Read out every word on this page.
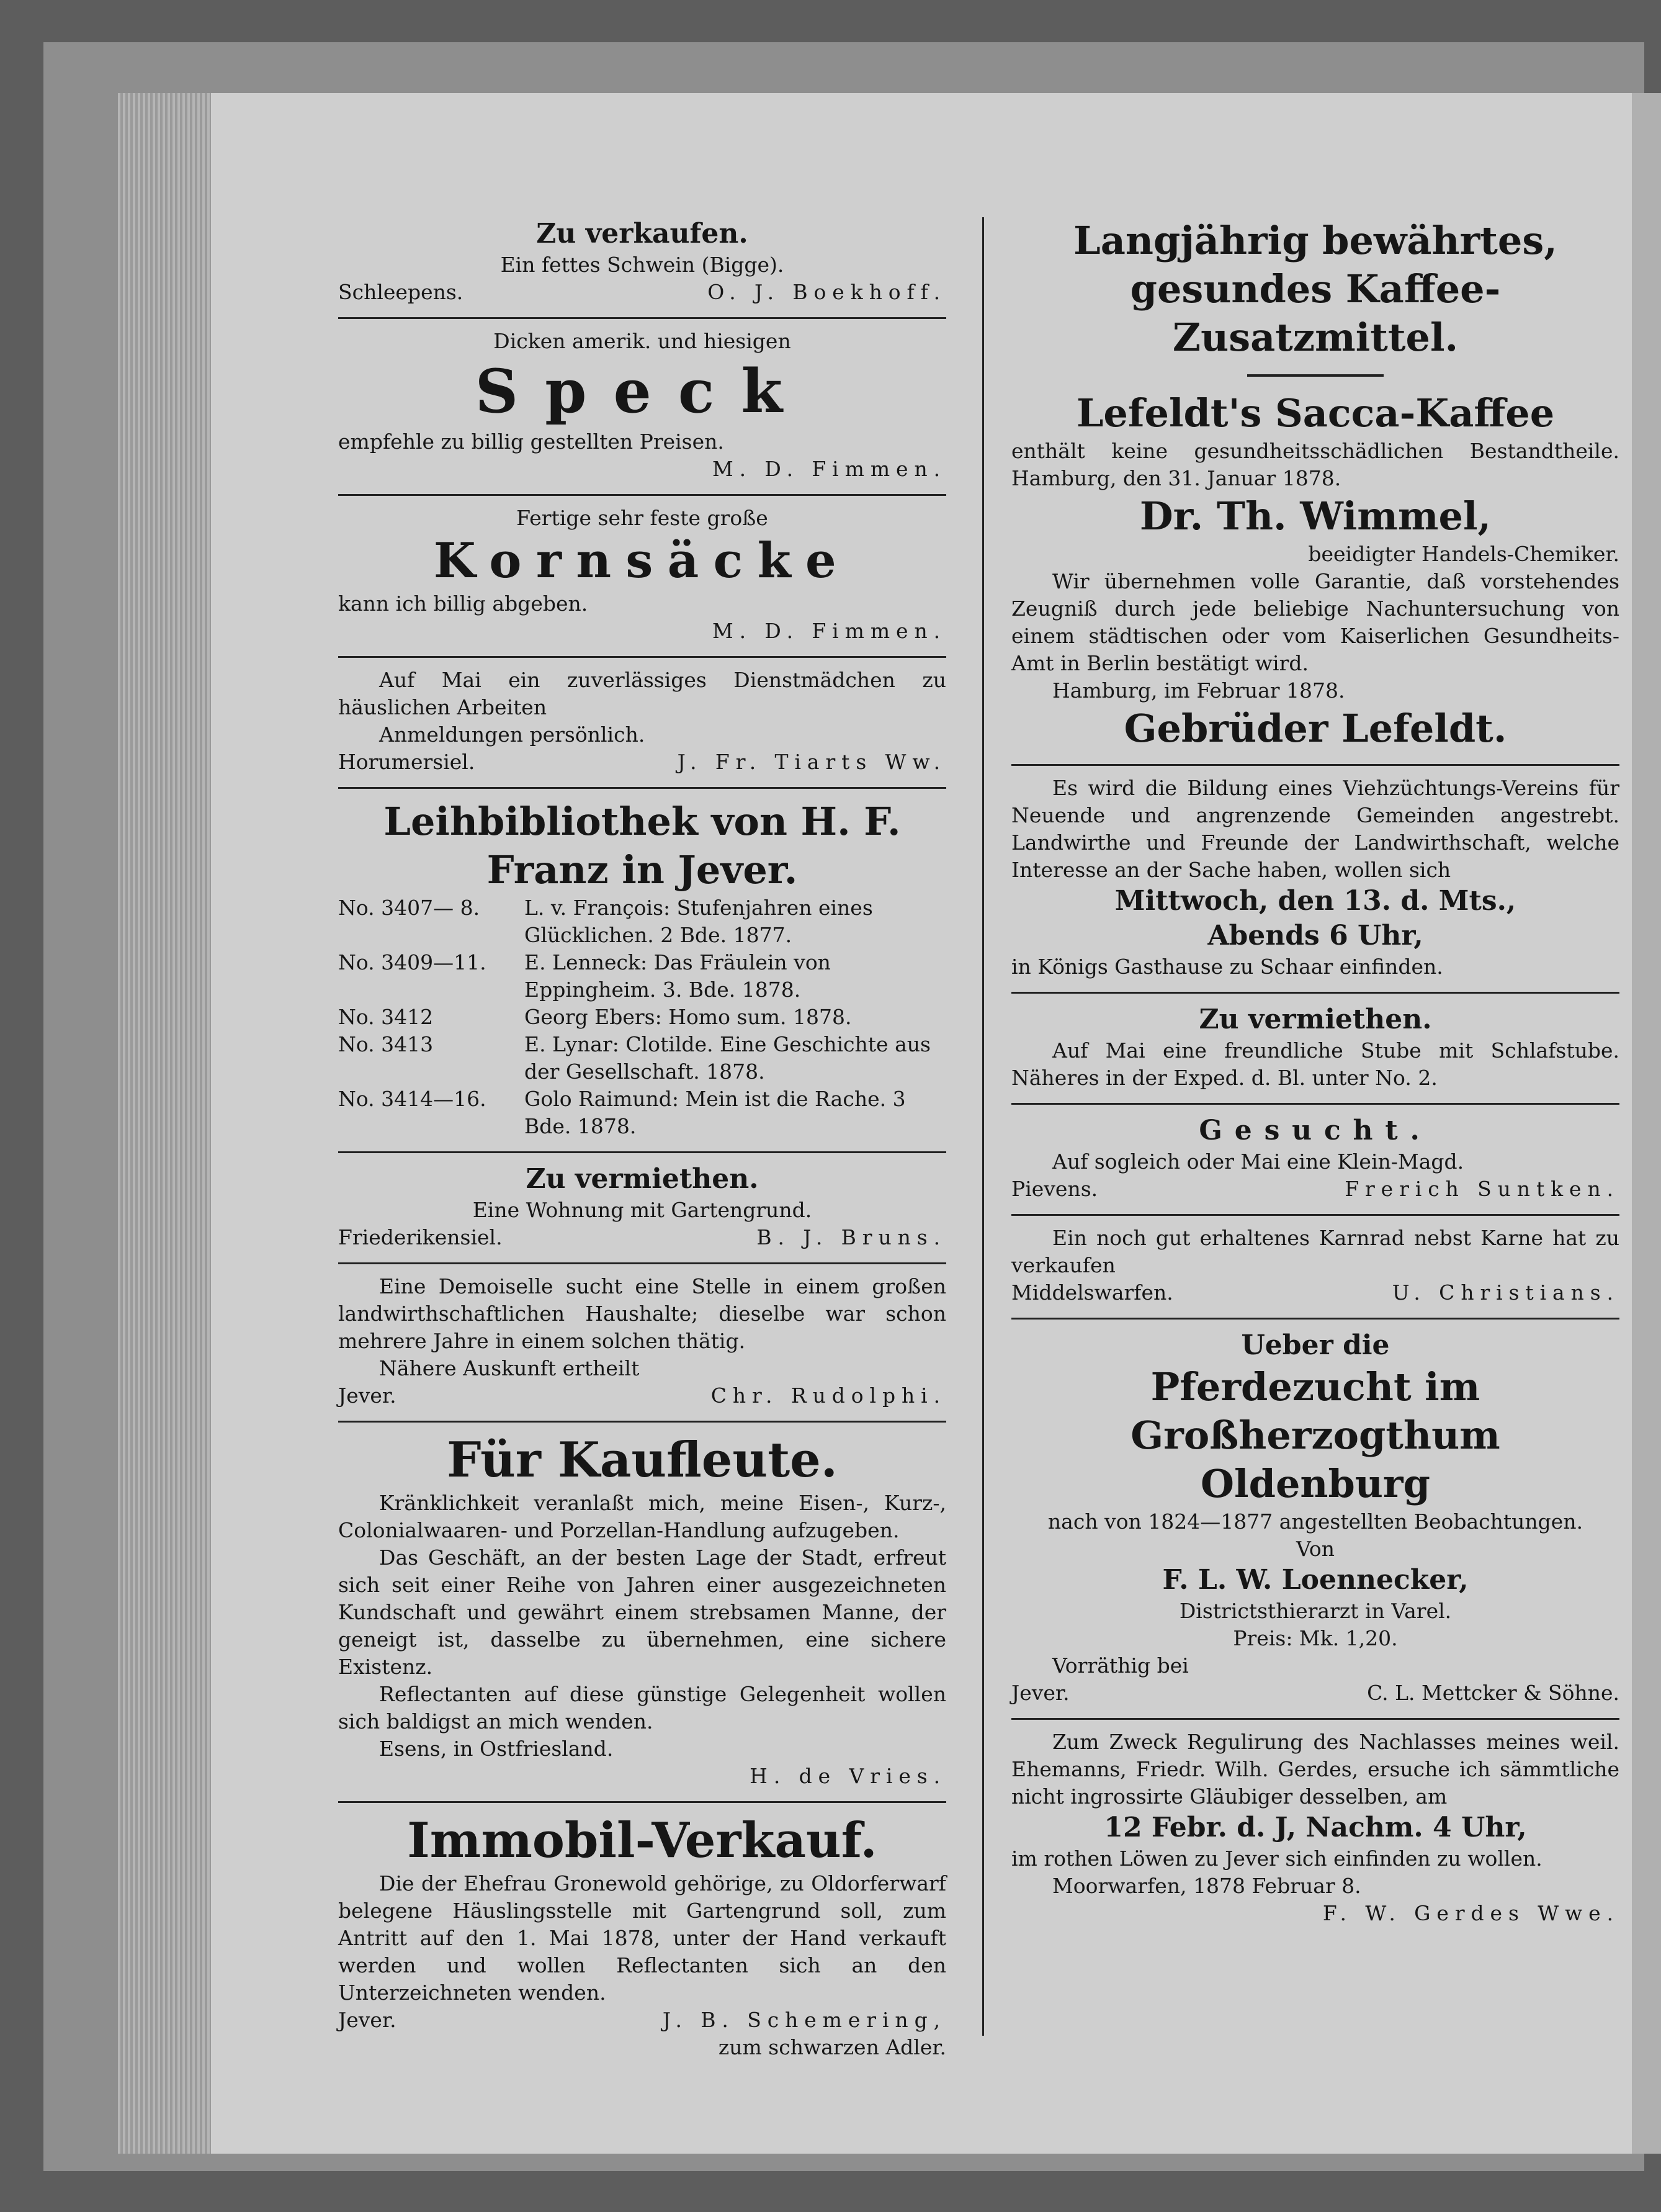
Zu verkaufen.
Ein fettes Schwein (Bigge).
Schleepens.	O. J. Boekhoff.
Dicken amerik. und hiesigen
Speck
empfehle zu billig gestellten Preisen.
M. D. Fimmen.
Fertige sehr feste große
Kornsäcke
kann ich billig abgeben.
M. D. Fimmen.
Auf Mai ein zuverlässiges Dienstmädchen zu häuslichen Arbeiten
Anmeldungen persönlich.
Horumersiel.	J. Fr. Tiarts Ww.
Leihbibliothek von H. F. Franz in Jever.
No. 3407— 8.	L. v. François: Stufenjahren eines Glücklichen. 2 Bde. 1877.
No. 3409—11.	E. Lenneck: Das Fräulein von Eppingheim. 3. Bde. 1878.
No. 3412	Georg Ebers: Homo sum. 1878.
No. 3413	E. Lynar: Clotilde. Eine Geschichte aus der Gesellschaft. 1878.
No. 3414—16.	Golo Raimund: Mein ist die Rache. 3 Bde. 1878.
Zu vermiethen.
Eine Wohnung mit Gartengrund.
Friederikensiel.	B. J. Bruns.
Eine Demoiselle sucht eine Stelle in einem großen landwirthschaftlichen Haushalte; dieselbe war schon mehrere Jahre in einem solchen thätig.
Nähere Auskunft ertheilt
Jever.	Chr. Rudolphi.
Für Kaufleute.
Kränklichkeit veranlaßt mich, meine Eisen-, Kurz-, Colonialwaaren- und Porzellan-Handlung aufzugeben.
Das Geschäft, an der besten Lage der Stadt, erfreut sich seit einer Reihe von Jahren einer ausgezeichneten Kundschaft und gewährt einem strebsamen Manne, der geneigt ist, dasselbe zu übernehmen, eine sichere Existenz.
Reflectanten auf diese günstige Gelegenheit wollen sich baldigst an mich wenden.
Esens, in Ostfriesland.
H. de Vries.
Immobil-Verkauf.
Die der Ehefrau Gronewold gehörige, zu Oldorferwarf belegene Häuslingsstelle mit Gartengrund soll, zum Antritt auf den 1. Mai 1878, unter der Hand verkauft werden und wollen Reflectanten sich an den Unterzeichneten wenden.
Jever.	J. B. Schemering,
zum schwarzen Adler.
Langjährig bewährtes, gesundes Kaffee-Zusatzmittel.
Lefeldt's Sacca-Kaffee
enthält keine gesundheitsschädlichen Bestandtheile. Hamburg, den 31. Januar 1878.
Dr. Th. Wimmel,
beeidigter Handels-Chemiker.
Wir übernehmen volle Garantie, daß vorstehendes Zeugniß durch jede beliebige Nachuntersuchung von einem städtischen oder vom Kaiserlichen Gesundheits-Amt in Berlin bestätigt wird.
Hamburg, im Februar 1878.
Gebrüder Lefeldt.
Es wird die Bildung eines Viehzüchtungs-Vereins für Neuende und angrenzende Gemeinden angestrebt. Landwirthe und Freunde der Landwirthschaft, welche Interesse an der Sache haben, wollen sich
Mittwoch, den 13. d. Mts.,
Abends 6 Uhr,
in Königs Gasthause zu Schaar einfinden.
Zu vermiethen.
Auf Mai eine freundliche Stube mit Schlafstube. Näheres in der Exped. d. Bl. unter No. 2.
Gesucht.
Auf sogleich oder Mai eine Klein-Magd.
Pievens.	Frerich Suntken.
Ein noch gut erhaltenes Karnrad nebst Karne hat zu verkaufen
Middelswarfen.	U. Christians.
Ueber die
Pferdezucht im Großherzogthum Oldenburg
nach von 1824—1877 angestellten Beobachtungen.
Von
F. L. W. Loennecker,
Districtsthierarzt in Varel.
Preis: Mk. 1,20.
Vorräthig bei
Jever.	C. L. Mettcker & Söhne.
Zum Zweck Regulirung des Nachlasses meines weil. Ehemanns, Friedr. Wilh. Gerdes, ersuche ich sämmtliche nicht ingrossirte Gläubiger desselben, am
12 Febr. d. J, Nachm. 4 Uhr,
im rothen Löwen zu Jever sich einfinden zu wollen.
Moorwarfen, 1878 Februar 8.
F. W. Gerdes Wwe.
